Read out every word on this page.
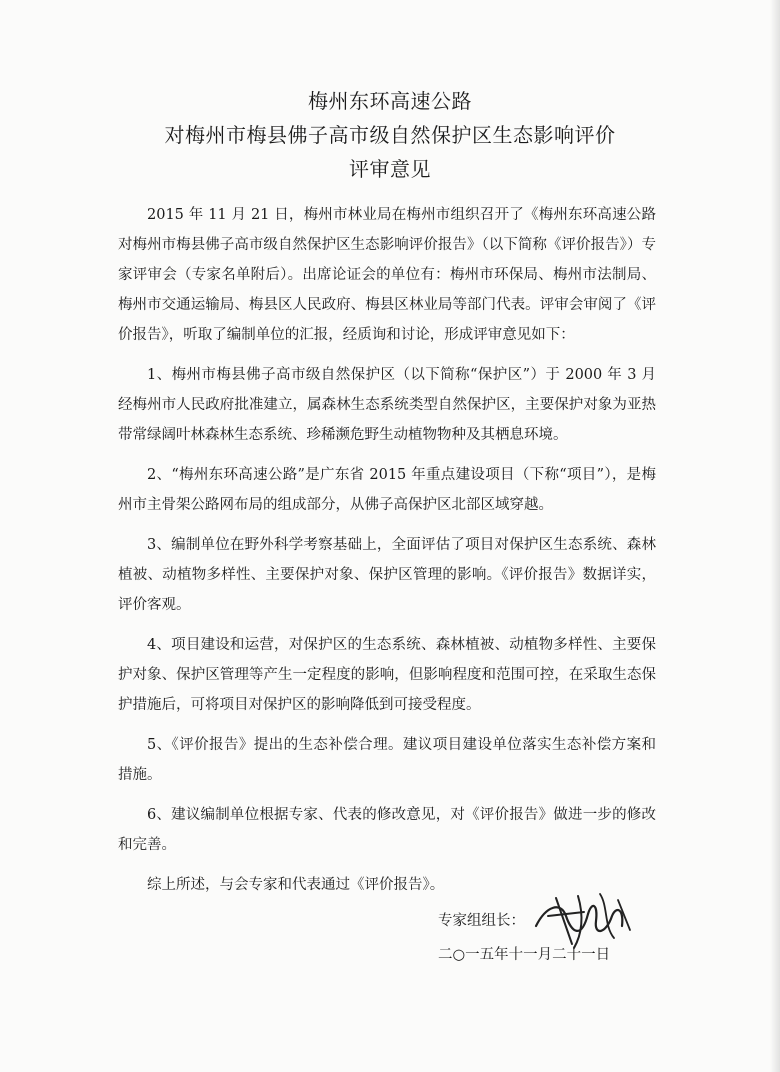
梅州东环高速公路
对梅州市梅县佛子高市级自然保护区生态影响评价
评审意见

2015 年 11 月 21 日，梅州市林业局在梅州市组织召开了《梅州东环高速公路对梅州市梅县佛子高市级自然保护区生态影响评价报告》（以下简称《评价报告》）专家评审会（专家名单附后）。出席论证会的单位有：梅州市环保局、梅州市法制局、梅州市交通运输局、梅县区人民政府、梅县区林业局等部门代表。评审会审阅了《评价报告》，听取了编制单位的汇报，经质询和讨论，形成评审意见如下：

1、梅州市梅县佛子高市级自然保护区（以下简称“保护区”）于 2000 年 3 月经梅州市人民政府批准建立，属森林生态系统类型自然保护区，主要保护对象为亚热带常绿阔叶林森林生态系统、珍稀濒危野生动植物物种及其栖息环境。

2、“梅州东环高速公路”是广东省 2015 年重点建设项目（下称“项目”），是梅州市主骨架公路网布局的组成部分，从佛子高保护区北部区域穿越。

3、编制单位在野外科学考察基础上，全面评估了项目对保护区生态系统、森林植被、动植物多样性、主要保护对象、保护区管理的影响。《评价报告》数据详实，评价客观。

4、项目建设和运营，对保护区的生态系统、森林植被、动植物多样性、主要保护对象、保护区管理等产生一定程度的影响，但影响程度和范围可控，在采取生态保护措施后，可将项目对保护区的影响降低到可接受程度。

5、《评价报告》提出的生态补偿合理。建议项目建设单位落实生态补偿方案和措施。

6、建议编制单位根据专家、代表的修改意见，对《评价报告》做进一步的修改和完善。

综上所述，与会专家和代表通过《评价报告》。

专家组组长：
二○一五年十一月二十一日
